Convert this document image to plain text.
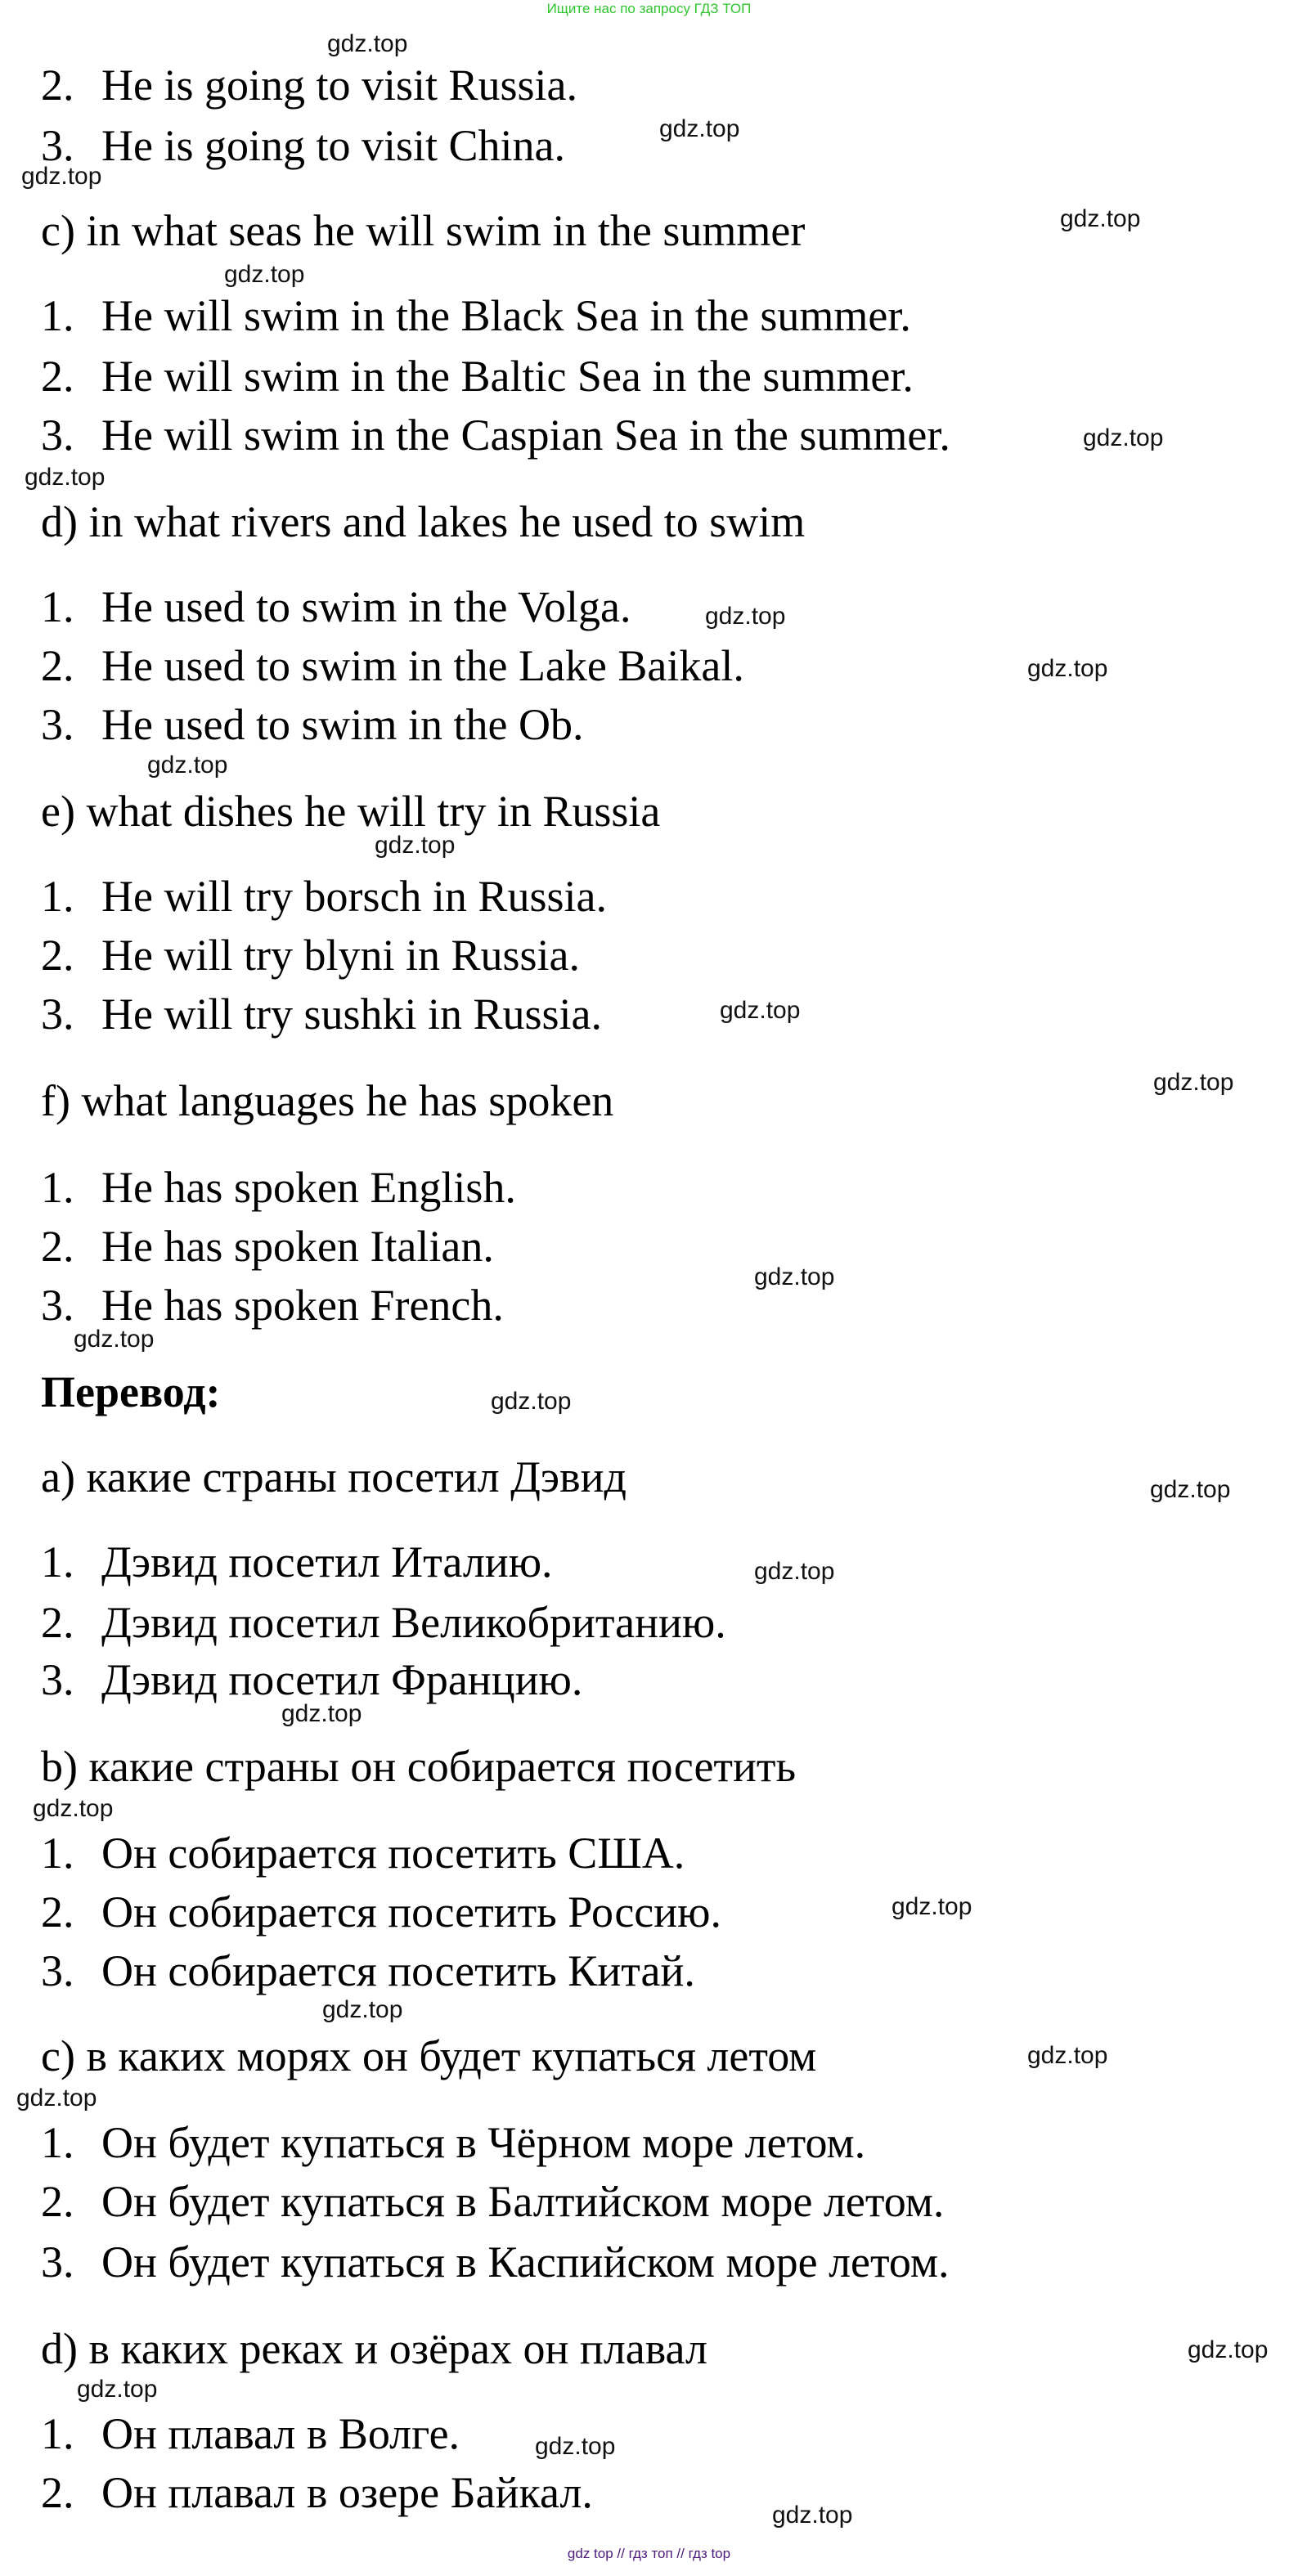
Ищите нас по запросу ГДЗ ТОП
2. He is going to visit Russia.
3. He is going to visit China.
c) in what seas he will swim in the summer
1. He will swim in the Black Sea in the summer.
2. He will swim in the Baltic Sea in the summer.
3. He will swim in the Caspian Sea in the summer.
d) in what rivers and lakes he used to swim
1. He used to swim in the Volga.
2. He used to swim in the Lake Baikal.
3. He used to swim in the Ob.
e) what dishes he will try in Russia
1. He will try borsch in Russia.
2. He will try blyni in Russia.
3. He will try sushki in Russia.
f) what languages he has spoken
1. He has spoken English.
2. He has spoken Italian.
3. He has spoken French.
Перевод:
a) какие страны посетил Дэвид
1. Дэвид посетил Италию.
2. Дэвид посетил Великобританию.
3. Дэвид посетил Францию.
b) какие страны он собирается посетить
1. Он собирается посетить США.
2. Он собирается посетить Россию.
3. Он собирается посетить Китай.
c) в каких морях он будет купаться летом
1. Он будет купаться в Чёрном море летом.
2. Он будет купаться в Балтийском море летом.
3. Он будет купаться в Каспийском море летом.
d) в каких реках и озёрах он плавал
1. Он плавал в Волге.
2. Он плавал в озере Байкал.
gdz.top
gdz.top
gdz.top
gdz.top
gdz.top
gdz.top
gdz.top
gdz.top
gdz.top
gdz.top
gdz.top
gdz.top
gdz.top
gdz.top
gdz.top
gdz.top
gdz.top
gdz.top
gdz.top
gdz.top
gdz.top
gdz.top
gdz.top
gdz.top
gdz.top
gdz.top
gdz.top
gdz.top
gdz top // гдз топ // гдз top
